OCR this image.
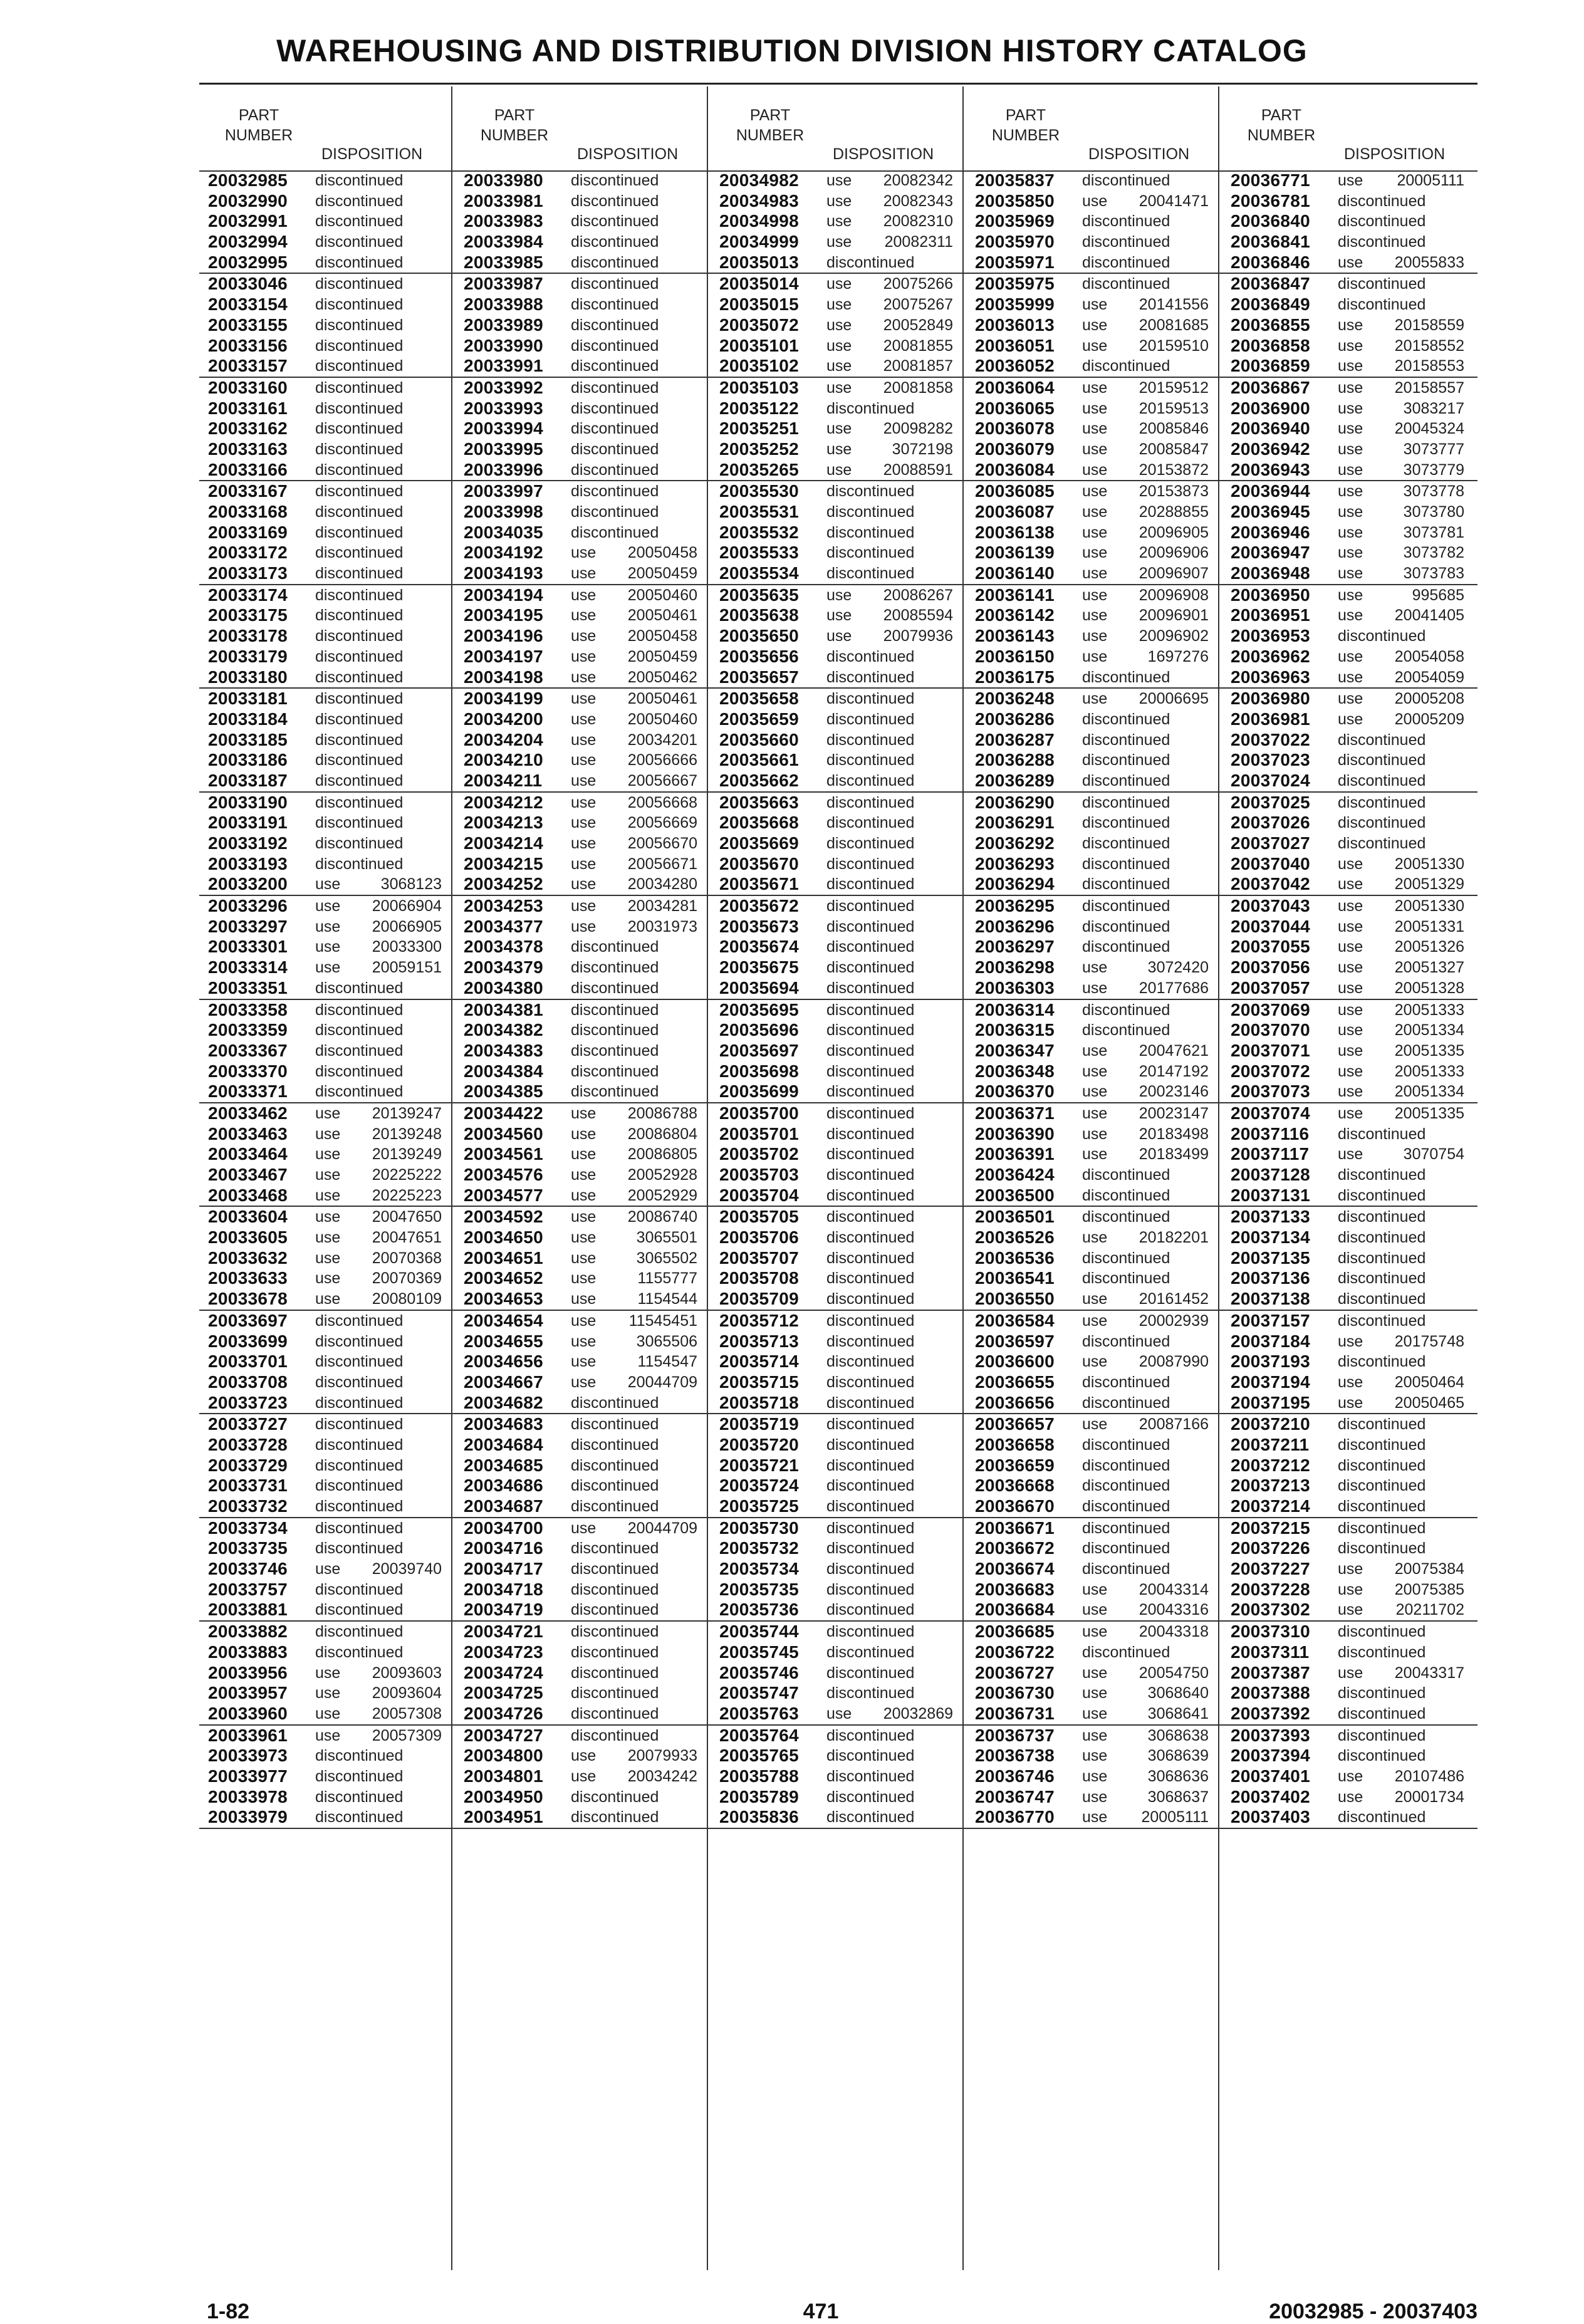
WAREHOUSING AND DISTRIBUTION DIVISION HISTORY CATALOG
PART
NUMBER
DISPOSITION
20032985 discontinued
20032990 discontinued
20032991 discontinued
20032994 discontinued
20032995 discontinued
20033046 discontinued
20033154 discontinued
20033155 discontinued
20033156 discontinued
20033157 discontinued
20033160 discontinued
20033161 discontinued
20033162 discontinued
20033163 discontinued
20033166 discontinued
20033167 discontinued
20033168 discontinued
20033169 discontinued
20033172 discontinued
20033173 discontinued
20033174 discontinued
20033175 discontinued
20033178 discontinued
20033179 discontinued
20033180 discontinued
20033181 discontinued
20033184 discontinued
20033185 discontinued
20033186 discontinued
20033187 discontinued
20033190 discontinued
20033191 discontinued
20033192 discontinued
20033193 discontinued
20033200 use	3068123
20033296 use 20066904
20033297 use 20066905
20033301 use 20033300
20033314 use 20059151
20033351 discontinued
20033358 discontinued
20033359 discontinued
20033367 discontinued
20033370 discontinued
20033371 discontinued
20033462 use 20139247
20033463 use 20139248
20033464 use 20139249
20033467 use 20225222
20033468 use 20225223
20033604 use 20047650
20033605 use 20047651
20033632 use 20070368
20033633 use 20070369
20033678 use 20080109
20033697 discontinued
20033699 discontinued
20033701 discontinued
20033708 discontinued
20033723 discontinued
20033727 discontinued
20033728 discontinued
20033729 discontinued
20033731 discontinued
20033732 discontinued
20033734 discontinued
20033735 discontinued
20033746 use 20039740
20033757 discontinued
20033881 discontinued
20033882 discontinued
20033883 discontinued
20033956 use 20093603
20033957 use 20093604
20033960 use 20057308
20033961 use 20057309
20033973 discontinued
20033977 discontinued
20033978 discontinued
20033979 discontinued
PART
NUMBER
DISPOSITION
20033980 discontinued
20033981 discontinued
20033983 discontinued
20033984 discontinued
20033985 discontinued
20033987 discontinued
20033988 discontinued
20033989 discontinued
20033990 discontinued
20033991 discontinued
20033992 discontinued
20033993 discontinued
20033994 discontinued
20033995 discontinued
20033996 discontinued
20033997 discontinued
20033998 discontinued
20034035 discontinued
20034192 use 20050458
20034193 use 20050459
20034194 use 20050460
20034195 use 20050461
20034196 use 20050458
20034197 use 20050459
20034198 use 20050462
20034199 use 20050461
20034200 use 20050460
20034204 use 20034201
20034210 use 20056666
20034211 use 20056667
20034212 use 20056668
20034213 use 20056669
20034214 use 20056670
20034215 use 20056671
20034252 use 20034280
20034253 use 20034281
20034377 use 20031973
20034378 discontinued
20034379 discontinued
20034380 discontinued
20034381 discontinued
20034382 discontinued
20034383 discontinued
20034384 discontinued
20034385 discontinued
20034422 use 20086788
20034560 use 20086804
20034561 use 20086805
20034576 use 20052928
20034577 use 20052929
20034592 use 20086740
20034650 use	3065501
20034651 use	3065502
20034652 use	1155777
20034653 use	1154544
20034654 use 11545451
20034655 use	3065506
20034656 use	1154547
20034667 use 20044709
20034682 discontinued
20034683 discontinued
20034684 discontinued
20034685 discontinued
20034686 discontinued
20034687 discontinued
20034700 use 20044709
20034716 discontinued
20034717 discontinued
20034718 discontinued
20034719 discontinued
20034721 discontinued
20034723 discontinued
20034724 discontinued
20034725 discontinued
20034726 discontinued
20034727 discontinued
20034800 use 20079933
20034801 use 20034242
20034950 discontinued
20034951 discontinued
PART
NUMBER
DISPOSITION
20034982 use 20082342
20034983 use 20082343
20034998 use 20082310
20034999 use 20082311
20035013 discontinued
20035014 use 20075266
20035015 use 20075267
20035072 use 20052849
20035101 use 20081855
20035102 use 20081857
20035103 use 20081858
20035122 discontinued
20035251 use 20098282
20035252 use	3072198
20035265 use 20088591
20035530 discontinued
20035531 discontinued
20035532 discontinued
20035533 discontinued
20035534 discontinued
20035635 use 20086267
20035638 use 20085594
20035650 use 20079936
20035656 discontinued
20035657 discontinued
20035658 discontinued
20035659 discontinued
20035660 discontinued
20035661 discontinued
20035662 discontinued
20035663 discontinued
20035668 discontinued
20035669 discontinued
20035670 discontinued
20035671 discontinued
20035672 discontinued
20035673 discontinued
20035674 discontinued
20035675 discontinued
20035694 discontinued
20035695 discontinued
20035696 discontinued
20035697 discontinued
20035698 discontinued
20035699 discontinued
20035700 discontinued
20035701 discontinued
20035702 discontinued
20035703 discontinued
20035704 discontinued
20035705 discontinued
20035706 discontinued
20035707 discontinued
20035708 discontinued
20035709 discontinued
20035712 discontinued
20035713 discontinued
20035714 discontinued
20035715 discontinued
20035718 discontinued
20035719 discontinued
20035720 discontinued
20035721 discontinued
20035724 discontinued
20035725 discontinued
20035730 discontinued
20035732 discontinued
20035734 discontinued
20035735 discontinued
20035736 discontinued
20035744 discontinued
20035745 discontinued
20035746 discontinued
20035747 discontinued
20035763 use 20032869
20035764 discontinued
20035765 discontinued
20035788 discontinued
20035789 discontinued
20035836 discontinued
PART
NUMBER
DISPOSITION
20035837 discontinued
20035850 use 20041471
20035969 discontinued
20035970 discontinued
20035971 discontinued
20035975 discontinued
20035999 use 20141556
20036013 use 20081685
20036051 use 20159510
20036052 discontinued
20036064 use 20159512
20036065 use 20159513
20036078 use 20085846
20036079 use 20085847
20036084 use 20153872
20036085 use 20153873
20036087 use 20288855
20036138 use 20096905
20036139 use 20096906
20036140 use 20096907
20036141 use 20096908
20036142 use 20096901
20036143 use 20096902
20036150 use	1697276
20036175 discontinued
20036248 use 20006695
20036286 discontinued
20036287 discontinued
20036288 discontinued
20036289 discontinued
20036290 discontinued
20036291 discontinued
20036292 discontinued
20036293 discontinued
20036294 discontinued
20036295 discontinued
20036296 discontinued
20036297 discontinued
20036298 use	3072420
20036303 use 20177686
20036314 discontinued
20036315 discontinued
20036347 use 20047621
20036348 use 20147192
20036370 use 20023146
20036371 use 20023147
20036390 use 20183498
20036391 use 20183499
20036424 discontinued
20036500 discontinued
20036501 discontinued
20036526 use 20182201
20036536 discontinued
20036541 discontinued
20036550 use 20161452
20036584 use 20002939
20036597 discontinued
20036600 use 20087990
20036655 discontinued
20036656 discontinued
20036657 use 20087166
20036658 discontinued
20036659 discontinued
20036668 discontinued
20036670 discontinued
20036671 discontinued
20036672 discontinued
20036674 discontinued
20036683 use 20043314
20036684 use 20043316
20036685 use 20043318
20036722 discontinued
20036727 use 20054750
20036730 use	3068640
20036731 use	3068641
20036737 use	3068638
20036738 use	3068639
20036746 use	3068636
20036747 use	3068637
20036770 use 20005111
PART
NUMBER
DISPOSITION
20036771 use 20005111
20036781 discontinued
20036840 discontinued
20036841 discontinued
20036846 use 20055833
20036847 discontinued
20036849 discontinued
20036855 use 20158559
20036858 use 20158552
20036859 use 20158553
20036867 use 20158557
20036900 use	3083217
20036940 use 20045324
20036942 use	3073777
20036943 use	3073779
20036944 use	3073778
20036945 use	3073780
20036946 use	3073781
20036947 use	3073782
20036948 use	3073783
20036950 use	995685
20036951 use 20041405
20036953 discontinued
20036962 use 20054058
20036963 use 20054059
20036980 use 20005208
20036981 use 20005209
20037022 discontinued
20037023 discontinued
20037024 discontinued
20037025 discontinued
20037026 discontinued
20037027 discontinued
20037040 use 20051330
20037042 use 20051329
20037043 use 20051330
20037044 use 20051331
20037055 use 20051326
20037056 use 20051327
20037057 use 20051328
20037069 use 20051333
20037070 use 20051334
20037071 use 20051335
20037072 use 20051333
20037073 use 20051334
20037074 use 20051335
20037116 discontinued
20037117 use	3070754
20037128 discontinued
20037131 discontinued
20037133 discontinued
20037134 discontinued
20037135 discontinued
20037136 discontinued
20037138 discontinued
20037157 discontinued
20037184 use 20175748
20037193 discontinued
20037194 use 20050464
20037195 use 20050465
20037210 discontinued
20037211 discontinued
20037212 discontinued
20037213 discontinued
20037214 discontinued
20037215 discontinued
20037226 discontinued
20037227 use 20075384
20037228 use 20075385
20037302 use 20211702
20037310 discontinued
20037311 discontinued
20037387 use 20043317
20037388 discontinued
20037392 discontinued
20037393 discontinued
20037394 discontinued
20037401 use 20107486
20037402 use 20001734
20037403 discontinued
1-82	471	20032985 - 20037403
